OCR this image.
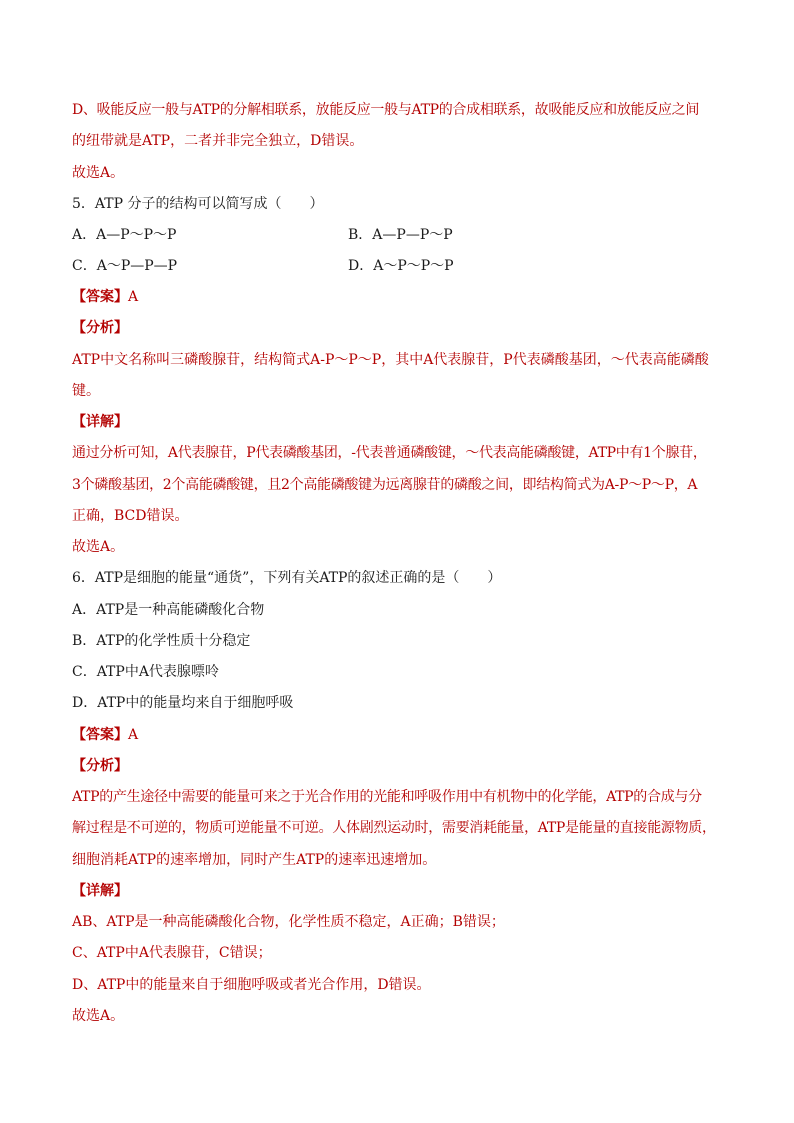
D、吸能反应一般与ATP的分解相联系，放能反应一般与ATP的合成相联系，故吸能反应和放能反应之间
的纽带就是ATP，二者并非完全独立，D错误。
故选A。
5．ATP 分子的结构可以简写成（　　）
A．A—P～P～P	B．A—P—P～P
C．A～P—P—P	D．A～P～P～P
【答案】A
【分析】
ATP中文名称叫三磷酸腺苷，结构简式A-P～P～P，其中A代表腺苷，P代表磷酸基团，～代表高能磷酸
键。
【详解】
通过分析可知，A代表腺苷，P代表磷酸基团，-代表普通磷酸键，～代表高能磷酸键，ATP中有1个腺苷，
3个磷酸基团，2个高能磷酸键，且2个高能磷酸键为远离腺苷的磷酸之间，即结构简式为A-P～P～P，A
正确，BCD错误。
故选A。
6．ATP是细胞的能量“通货”，下列有关ATP的叙述正确的是（　　）
A．ATP是一种高能磷酸化合物
B．ATP的化学性质十分稳定
C．ATP中A代表腺嘌呤
D．ATP中的能量均来自于细胞呼吸
【答案】A
【分析】
ATP的产生途径中需要的能量可来之于光合作用的光能和呼吸作用中有机物中的化学能，ATP的合成与分
解过程是不可逆的，物质可逆能量不可逆。人体剧烈运动时，需要消耗能量，ATP是能量的直接能源物质，
细胞消耗ATP的速率增加，同时产生ATP的速率迅速增加。
【详解】
AB、ATP是一种高能磷酸化合物，化学性质不稳定，A正确；B错误；
C、ATP中A代表腺苷，C错误；
D、ATP中的能量来自于细胞呼吸或者光合作用，D错误。
故选A。
